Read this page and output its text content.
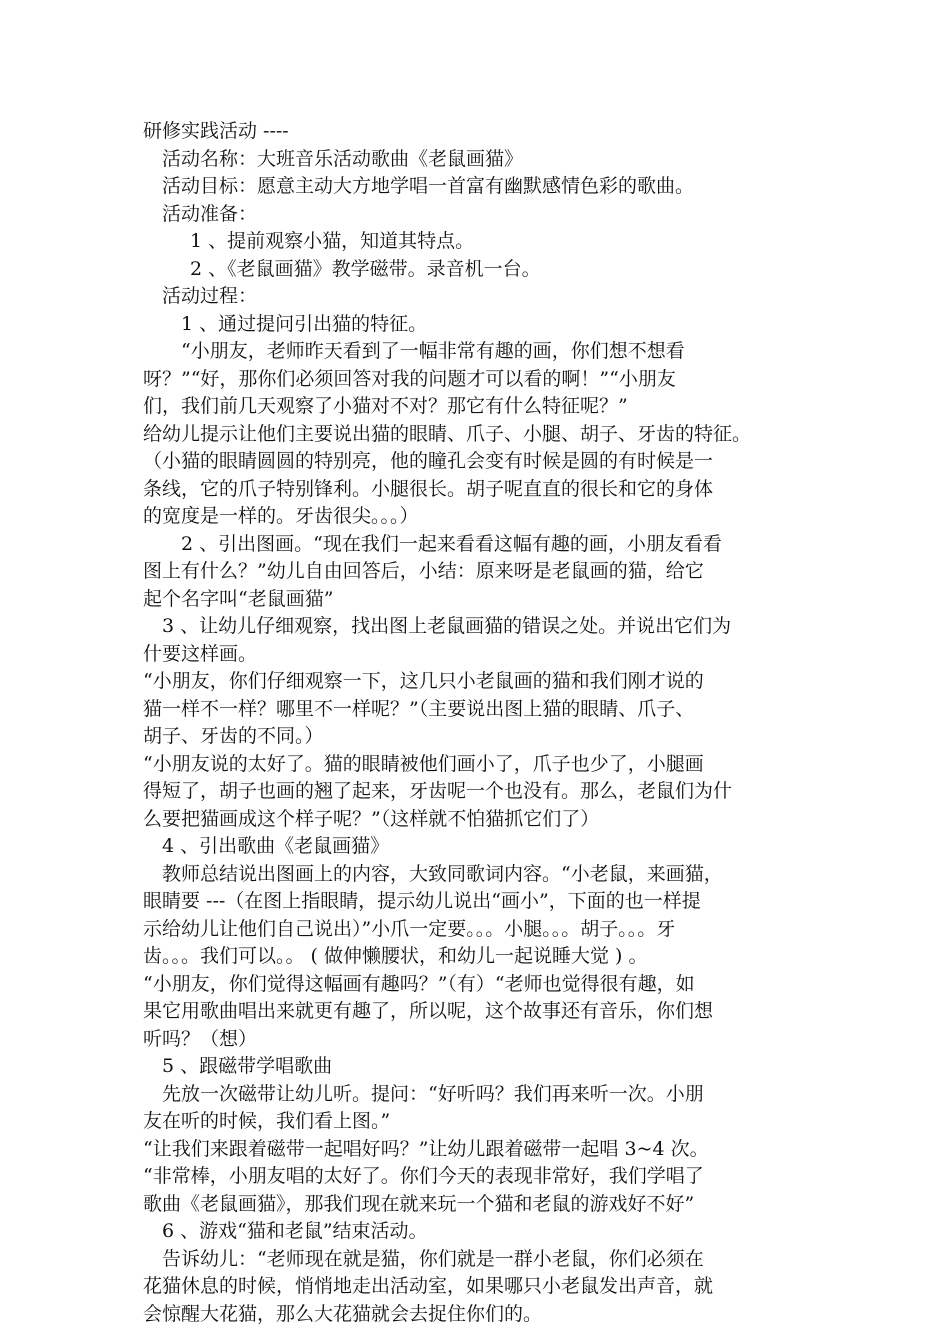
研修实践活动 ----
活动名称：大班音乐活动歌曲《老鼠画猫》
活动目标：愿意主动大方地学唱一首富有幽默感情色彩的歌曲。
活动准备：
1 、提前观察小猫，知道其特点。
2 、《老鼠画猫》教学磁带。录音机一台。
活动过程：
1 、通过提问引出猫的特征。
“小朋友，老师昨天看到了一幅非常有趣的画，你们想不想看
呀？”“好，那你们必须回答对我的问题才可以看的啊！”“小朋友
们，我们前几天观察了小猫对不对？那它有什么特征呢？”
给幼儿提示让他们主要说出猫的眼睛、爪子、小腿、胡子、牙齿的特征。
（小猫的眼睛圆圆的特别亮，他的瞳孔会变有时候是圆的有时候是一
条线，它的爪子特别锋利。小腿很长。胡子呢直直的很长和它的身体
的宽度是一样的。牙齿很尖。。。）
2 、引出图画。“现在我们一起来看看这幅有趣的画，小朋友看看
图上有什么？”幼儿自由回答后，小结：原来呀是老鼠画的猫，给它
起个名字叫“老鼠画猫”
3 、让幼儿仔细观察，找出图上老鼠画猫的错误之处。并说出它们为
什要这样画。
“小朋友，你们仔细观察一下，这几只小老鼠画的猫和我们刚才说的
猫一样不一样？哪里不一样呢？”（主要说出图上猫的眼睛、爪子、
胡子、牙齿的不同。）
“小朋友说的太好了。猫的眼睛被他们画小了，爪子也少了，小腿画
得短了，胡子也画的翘了起来，牙齿呢一个也没有。那么，老鼠们为什
么要把猫画成这个样子呢？”（这样就不怕猫抓它们了）
4 、引出歌曲《老鼠画猫》
教师总结说出图画上的内容，大致同歌词内容。“小老鼠，来画猫，
眼睛要 ---（在图上指眼睛，提示幼儿说出“画小”，下面的也一样提
示给幼儿让他们自己说出）”小爪一定要。。。小腿。。。胡子。。。牙
齿。。。我们可以。。 ( 做伸懒腰状，和幼儿一起说睡大觉 ) 。
“小朋友，你们觉得这幅画有趣吗？”（有）“老师也觉得很有趣，如
果它用歌曲唱出来就更有趣了，所以呢，这个故事还有音乐，你们想
听吗？（想）
5 、跟磁带学唱歌曲
先放一次磁带让幼儿听。提问：“好听吗？我们再来听一次。小朋
友在听的时候，我们看上图。”
“让我们来跟着磁带一起唱好吗？”让幼儿跟着磁带一起唱 3~4 次。
“非常棒，小朋友唱的太好了。你们今天的表现非常好，我们学唱了
歌曲《老鼠画猫》，那我们现在就来玩一个猫和老鼠的游戏好不好”
6 、游戏“猫和老鼠”结束活动。
告诉幼儿：“老师现在就是猫，你们就是一群小老鼠，你们必须在
花猫休息的时候，悄悄地走出活动室，如果哪只小老鼠发出声音，就
会惊醒大花猫，那么大花猫就会去捉住你们的。
